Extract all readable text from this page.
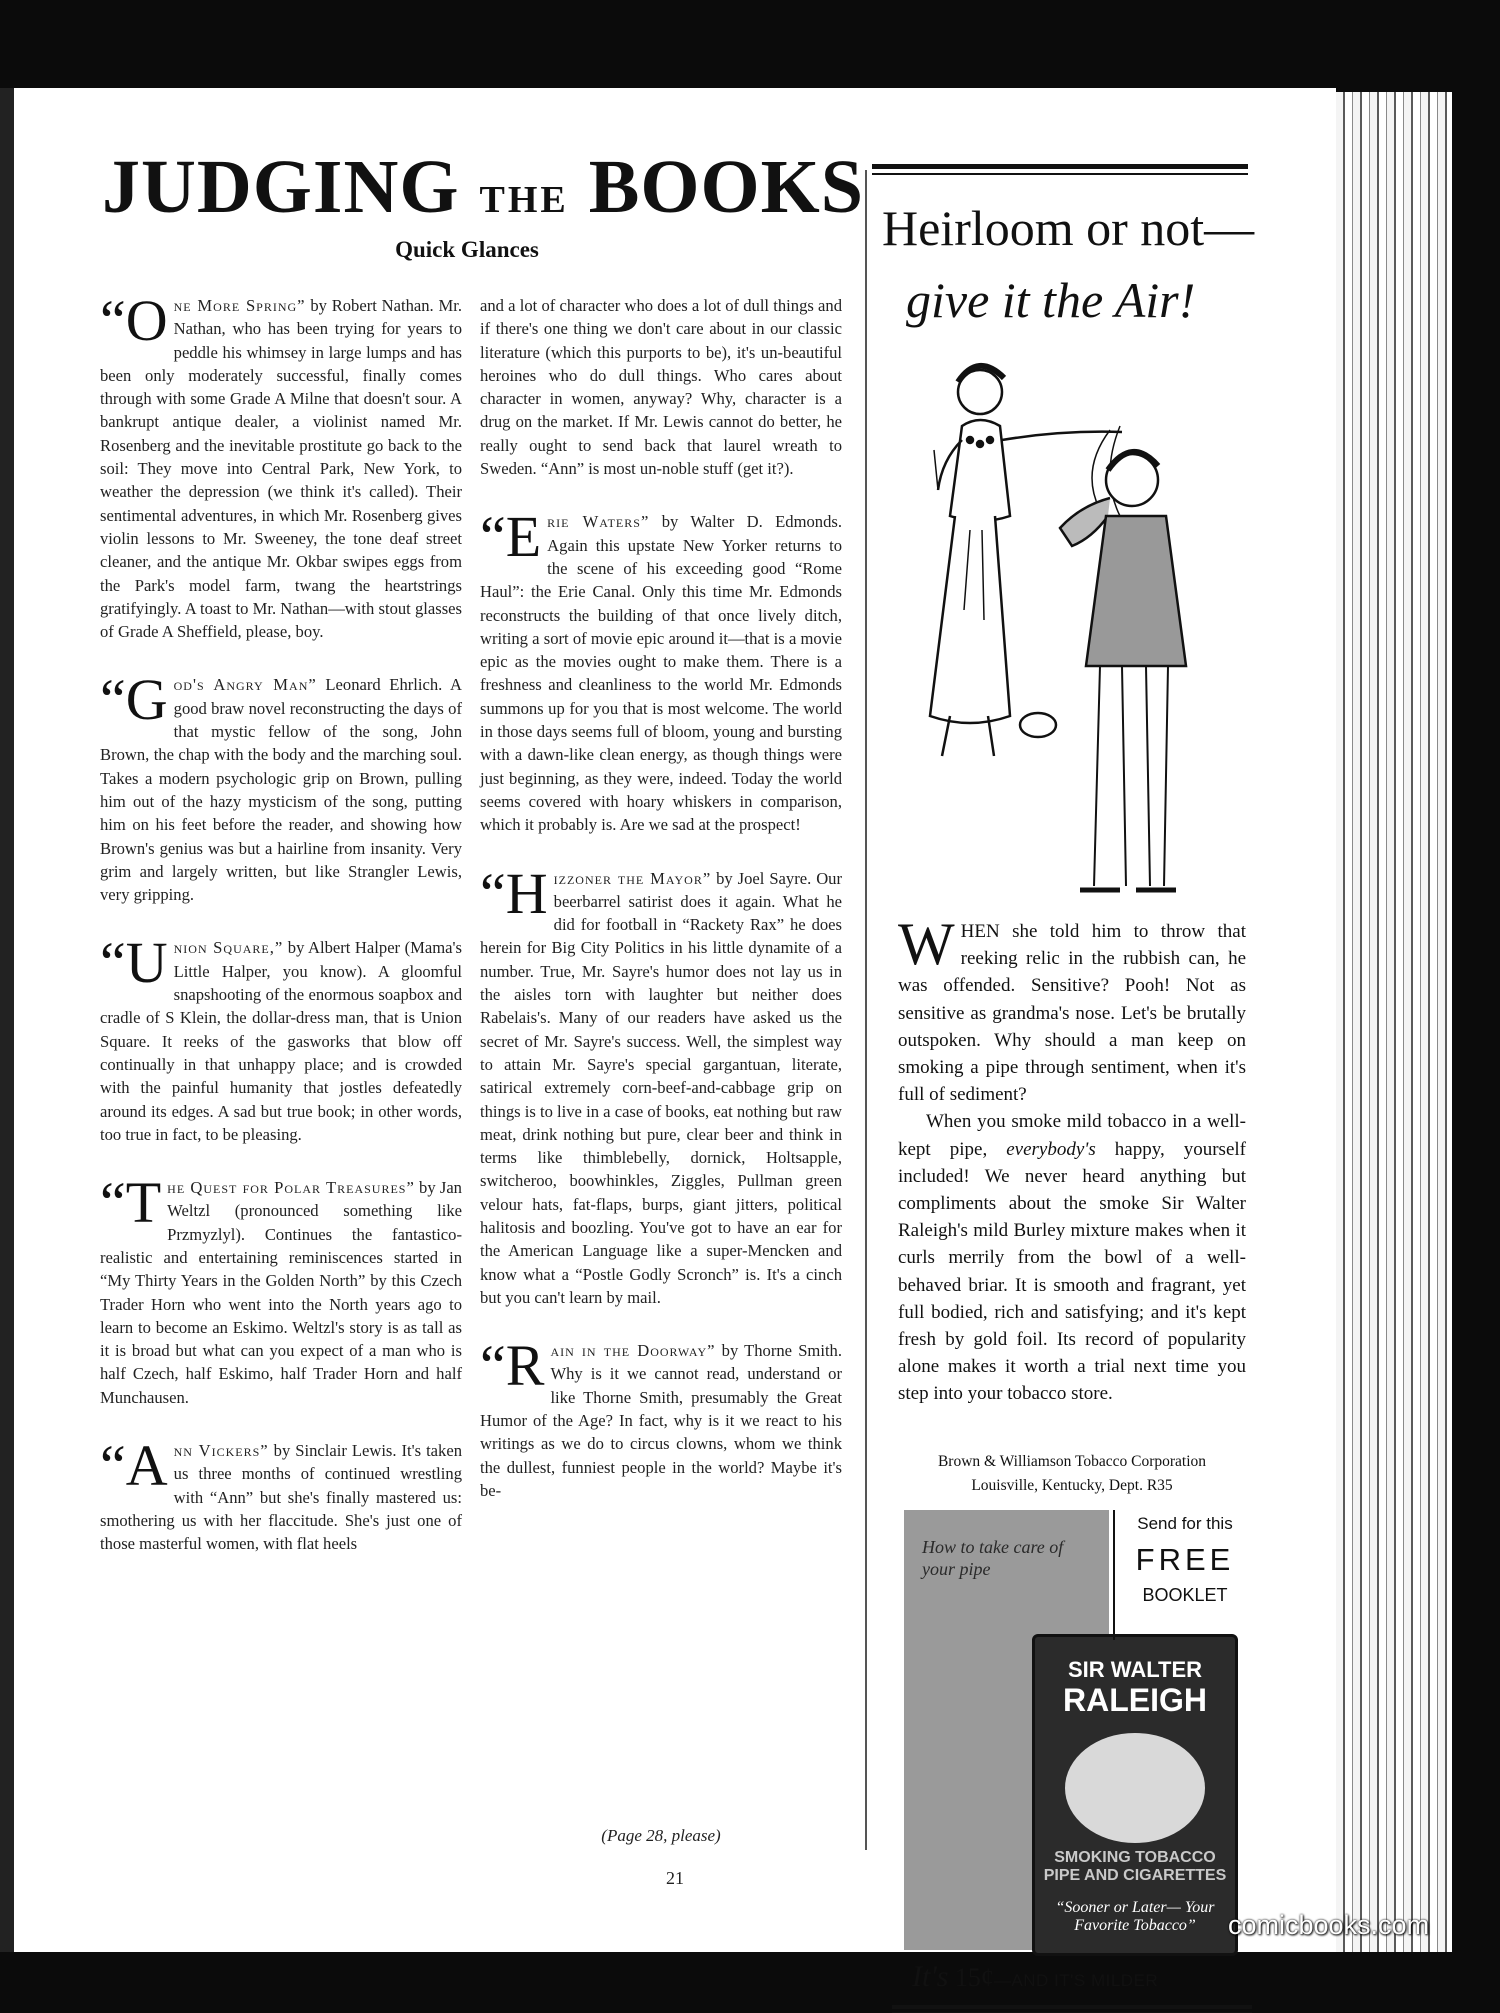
JUDGING THE BOOKS
Quick Glances

“One More Spring” by Robert Nathan. Mr. Nathan, who has been trying for years to peddle his whimsey in large lumps and has been only moderately successful, finally comes through with some Grade A Milne that doesn't sour. A bankrupt antique dealer, a violinist named Mr. Rosenberg and the inevitable prostitute go back to the soil: They move into Central Park, New York, to weather the depression (we think it's called). Their sentimental adventures, in which Mr. Rosenberg gives violin lessons to Mr. Sweeney, the tone deaf street cleaner, and the antique Mr. Okbar swipes eggs from the Park's model farm, twang the heartstrings gratifyingly. A toast to Mr. Nathan—with stout glasses of Grade A Sheffield, please, boy.

“God's Angry Man” Leonard Ehrlich. A good braw novel reconstructing the days of that mystic fellow of the song, John Brown, the chap with the body and the marching soul. Takes a modern psychologic grip on Brown, pulling him out of the hazy mysticism of the song, putting him on his feet before the reader, and showing how Brown's genius was but a hairline from insanity. Very grim and largely written, but like Strangler Lewis, very gripping.

“Union Square,” by Albert Halper (Mama's Little Halper, you know). A gloomful snapshooting of the enormous soapbox and cradle of S Klein, the dollar-dress man, that is Union Square. It reeks of the gasworks that blow off continually in that unhappy place; and is crowded with the painful humanity that jostles defeatedly around its edges. A sad but true book; in other words, too true in fact, to be pleasing.

“The Quest for Polar Treasures” by Jan Weltzl (pronounced something like Przmyzlyl). Continues the fantastico-realistic and entertaining reminiscences started in “My Thirty Years in the Golden North” by this Czech Trader Horn who went into the North years ago to learn to become an Eskimo. Weltzl's story is as tall as it is broad but what can you expect of a man who is half Czech, half Eskimo, half Trader Horn and half Munchausen.

“Ann Vickers” by Sinclair Lewis. It's taken us three months of continued wrestling with “Ann” but she's finally mastered us: smothering us with her flaccitude. She's just one of those masterful women, with flat heels

and a lot of character who does a lot of dull things and if there's one thing we don't care about in our classic literature (which this purports to be), it's un-beautiful heroines who do dull things. Who cares about character in women, anyway? Why, character is a drug on the market. If Mr. Lewis cannot do better, he really ought to send back that laurel wreath to Sweden. “Ann” is most un-noble stuff (get it?).

“Erie Waters” by Walter D. Edmonds. Again this upstate New Yorker returns to the scene of his exceeding good “Rome Haul”: the Erie Canal. Only this time Mr. Edmonds reconstructs the building of that once lively ditch, writing a sort of movie epic around it—that is a movie epic as the movies ought to make them. There is a freshness and cleanliness to the world Mr. Edmonds summons up for you that is most welcome. The world in those days seems full of bloom, young and bursting with a dawn-like clean energy, as though things were just beginning, as they were, indeed. Today the world seems covered with hoary whiskers in comparison, which it probably is. Are we sad at the prospect!

“Hizzoner the Mayor” by Joel Sayre. Our beerbarrel satirist does it again. What he did for football in “Rackety Rax” he does herein for Big City Politics in his little dynamite of a number. True, Mr. Sayre's humor does not lay us in the aisles torn with laughter but neither does Rabelais's. Many of our readers have asked us the secret of Mr. Sayre's success. Well, the simplest way to attain Mr. Sayre's special gargantuan, literate, satirical extremely corn-beef-and-cabbage grip on things is to live in a case of books, eat nothing but raw meat, drink nothing but pure, clear beer and think in terms like thimblebelly, dornick, Holtsapple, switcheroo, boowhinkles, Ziggles, Pullman green velour hats, fat-flaps, burps, giant jitters, political halitosis and boozling. You've got to have an ear for the American Language like a super-Mencken and know what a “Postle Godly Scronch” is. It's a cinch but you can't learn by mail.

“Rain in the Doorway” by Thorne Smith. Why is it we cannot read, understand or like Thorne Smith, presumably the Great Humor of the Age? In fact, why is it we react to his writings as we do to circus clowns, whom we think the dullest, funniest people in the world? Maybe it's be-

(Page 28, please)
21
Heirloom or not—
give it the Air!

WHEN she told him to throw that reeking relic in the rubbish can, he was offended. Sensitive? Pooh! Not as sensitive as grandma's nose. Let's be brutally outspoken. Why should a man keep on smoking a pipe through sentiment, when it's full of sediment?

When you smoke mild tobacco in a well-kept pipe, everybody's happy, yourself included! We never heard anything but compliments about the smoke Sir Walter Raleigh's mild Burley mixture makes when it curls merrily from the bowl of a well-behaved briar. It is smooth and fragrant, yet full bodied, rich and satisfying; and it's kept fresh by gold foil. Its record of popularity alone makes it worth a trial next time you step into your tobacco store.

Brown & Williamson Tobacco Corporation
Louisville, Kentucky, Dept. R35
How to take care of your pipe
SIR WALTER
RALEIGH
SMOKING TOBACCO PIPE AND CIGARETTES
“Sooner or Later— Your Favorite Tobacco”
Send for this
FREE
BOOKLET
It's 15¢—AND IT'S MILDER
comicbooks.com
